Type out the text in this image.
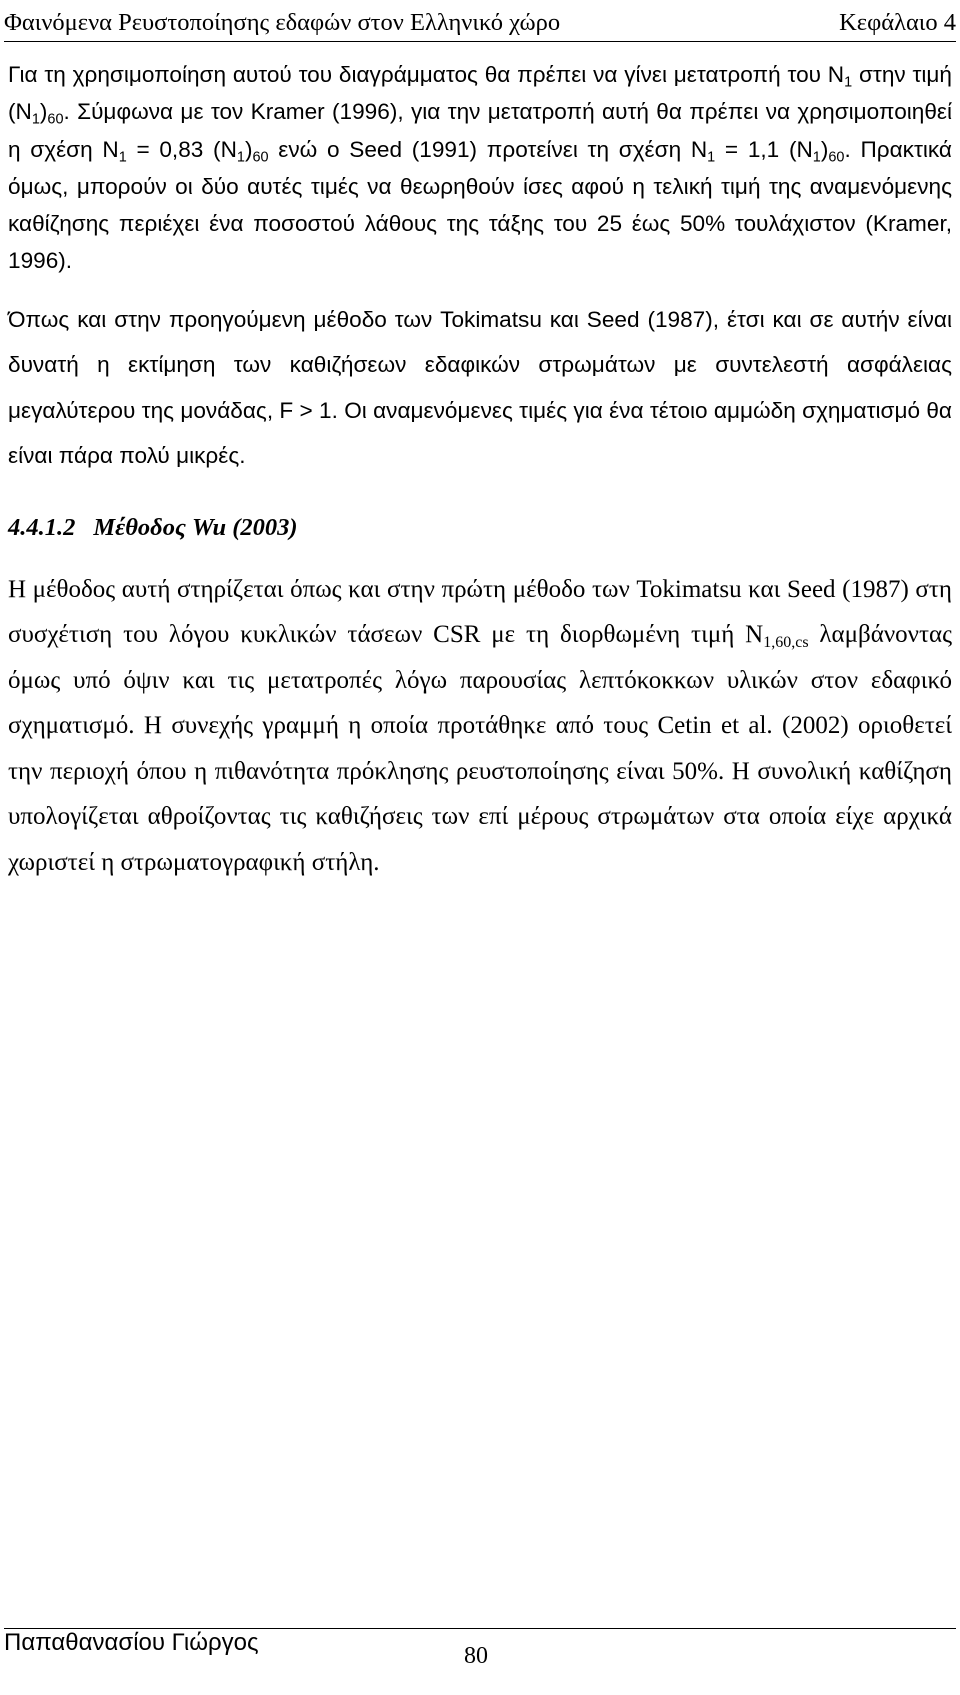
Φαινόμενα Ρευστοποίησης εδαφών στον Ελληνικό χώρο	Κεφάλαιο 4

Για τη χρησιμοποίηση αυτού του διαγράμματος θα πρέπει να γίνει μετατροπή του $N_1$ στην τιμή $(N_1)_{60}$. Σύμφωνα με τον Kramer (1996), για την μετατροπή αυτή θα πρέπει να χρησιμοποιηθεί η σχέση $N_1 = 0,83$ $(N_1)_{60}$ ενώ ο Seed (1991) προτείνει τη σχέση $N_1 = 1,1$ $(N_1)_{60}$. Πρακτικά όμως, μπορούν οι δύο αυτές τιμές να θεωρηθούν ίσες αφού η τελική τιμή της αναμενόμενης καθίζησης περιέχει ένα ποσοστού λάθους της τάξης του 25 έως 50% τουλάχιστον (Kramer, 1996).

Όπως και στην προηγούμενη μέθοδο των Tokimatsu και Seed (1987), έτσι και σε αυτήν είναι δυνατή η εκτίμηση των καθιζήσεων εδαφικών στρωμάτων με συντελεστή ασφάλειας μεγαλύτερου της μονάδας, F > 1. Οι αναμενόμενες τιμές για ένα τέτοιο αμμώδη σχηματισμό θα είναι πάρα πολύ μικρές.

4.4.1.2 Μέθοδος Wu (2003)

Η μέθοδος αυτή στηρίζεται όπως και στην πρώτη μέθοδο των Tokimatsu και Seed (1987) στη συσχέτιση του λόγου κυκλικών τάσεων CSR με τη διορθωμένη τιμή $N_{1,60,cs}$ λαμβάνοντας όμως υπό όψιν και τις μετατροπές λόγω παρουσίας λεπτόκοκκων υλικών στον εδαφικό σχηματισμό. Η συνεχής γραμμή η οποία προτάθηκε από τους Cetin et al. (2002) οριοθετεί την περιοχή όπου η πιθανότητα πρόκλησης ρευστοποίησης είναι 50%. Η συνολική καθίζηση υπολογίζεται αθροίζοντας τις καθιζήσεις των επί μέρους στρωμάτων στα οποία είχε αρχικά χωριστεί η στρωματογραφική στήλη.

Παπαθανασίου Γιώργος	80
